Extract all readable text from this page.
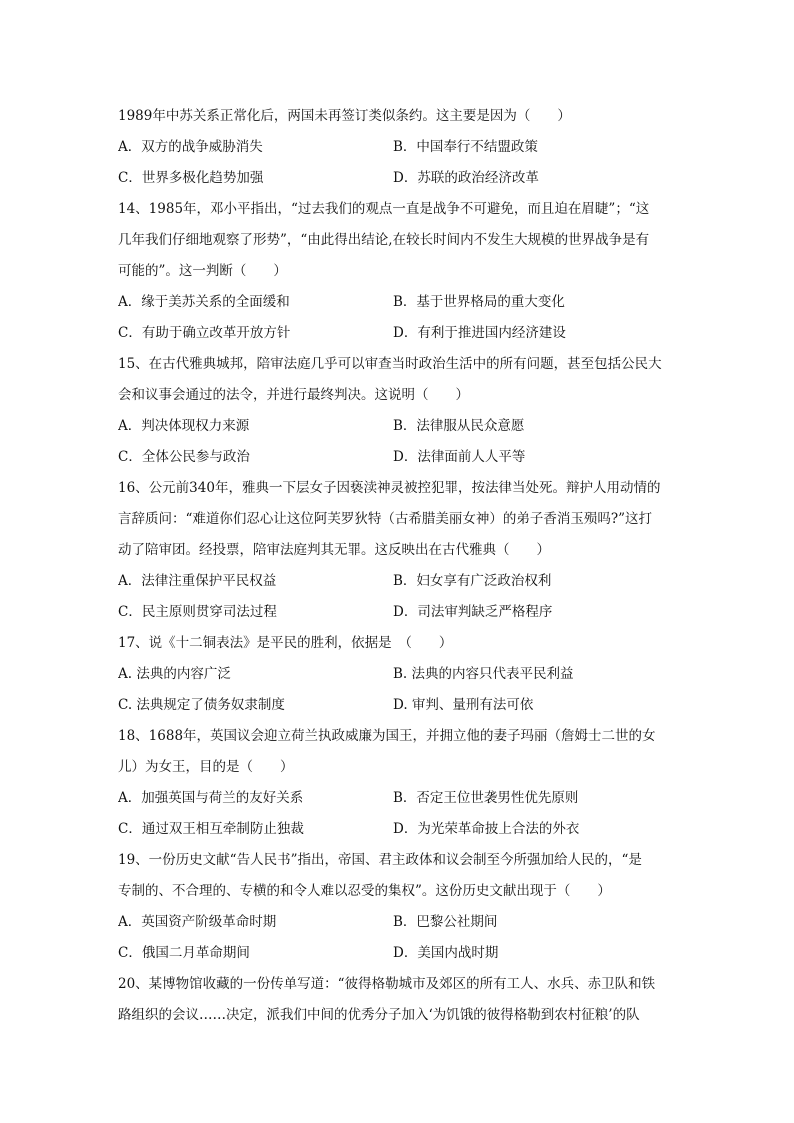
1989年中苏关系正常化后，两国未再签订类似条约。这主要是因为（　　）
A．双方的战争威胁消失	B．中国奉行不结盟政策
C．世界多极化趋势加强	D．苏联的政治经济改革
14、1985年，邓小平指出，“过去我们的观点一直是战争不可避免，而且迫在眉睫”；“这
几年我们仔细地观察了形势”，“由此得出结论,在较长时间内不发生大规模的世界战争是有
可能的”。这一判断（　　）
A．缘于美苏关系的全面缓和	B．基于世界格局的重大变化
C．有助于确立改革开放方针	D．有利于推进国内经济建设
15、在古代雅典城邦，陪审法庭几乎可以审查当时政治生活中的所有问题，甚至包括公民大
会和议事会通过的法令，并进行最终判决。这说明（　　）
A．判决体现权力来源	B．法律服从民众意愿
C．全体公民参与政治	D．法律面前人人平等
16、公元前340年，雅典一下层女子因亵渎神灵被控犯罪，按法律当处死。辩护人用动情的
言辞质问：“难道你们忍心让这位阿芙罗狄特（古希腊美丽女神）的弟子香消玉殒吗?”这打
动了陪审团。经投票，陪审法庭判其无罪。这反映出在古代雅典（　　）
A．法律注重保护平民权益	B．妇女享有广泛政治权利
C．民主原则贯穿司法过程	D．司法审判缺乏严格程序
17、说《十二铜表法》是平民的胜利，依据是　（　　）
A. 法典的内容广泛	B. 法典的内容只代表平民利益
C. 法典规定了债务奴隶制度	D. 审判、量刑有法可依
18、1688年，英国议会迎立荷兰执政威廉为国王，并拥立他的妻子玛丽（詹姆士二世的女
儿）为女王，目的是（　　）
A．加强英国与荷兰的友好关系	B．否定王位世袭男性优先原则
C．通过双王相互牵制防止独裁	D．为光荣革命披上合法的外衣
19、一份历史文献“告人民书”指出，帝国、君主政体和议会制至今所强加给人民的，“是
专制的、不合理的、专横的和令人难以忍受的集权”。这份历史文献出现于（　　）
A．英国资产阶级革命时期	B．巴黎公社期间
C．俄国二月革命期间	D．美国内战时期
20、某博物馆收藏的一份传单写道：“彼得格勒城市及郊区的所有工人、水兵、赤卫队和铁
路组织的会议……决定，派我们中间的优秀分子加入‘为饥饿的彼得格勒到农村征粮’的队
